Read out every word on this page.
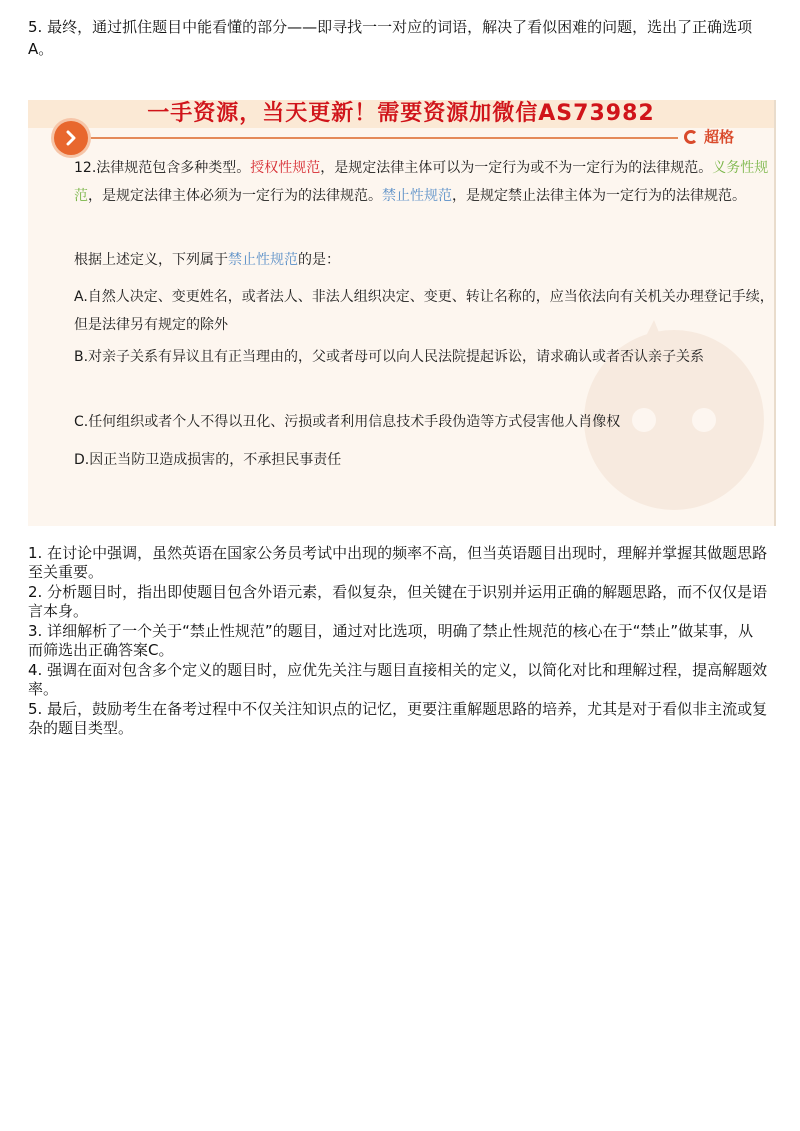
5. 最终，通过抓住题目中能看懂的部分——即寻找一一对应的词语，解决了看似困难的问题，选出了正确选项A。

一手资源，当天更新！需要资源加微信AS73982
超格

12.法律规范包含多种类型。授权性规范，是规定法律主体可以为一定行为或不为一定行为的法律规范。义务性规范，是规定法律主体必须为一定行为的法律规范。禁止性规范，是规定禁止法律主体为一定行为的法律规范。

根据上述定义，下列属于禁止性规范的是：

A.自然人决定、变更姓名，或者法人、非法人组织决定、变更、转让名称的，应当依法向有关机关办理登记手续，但是法律另有规定的除外

B.对亲子关系有异议且有正当理由的，父或者母可以向人民法院提起诉讼，请求确认或者否认亲子关系

C.任何组织或者个人不得以丑化、污损或者利用信息技术手段伪造等方式侵害他人肖像权

D.因正当防卫造成损害的，不承担民事责任

1. 在讨论中强调，虽然英语在国家公务员考试中出现的频率不高，但当英语题目出现时，理解并掌握其做题思路至关重要。
2. 分析题目时，指出即使题目包含外语元素，看似复杂，但关键在于识别并运用正确的解题思路，而不仅仅是语言本身。
3. 详细解析了一个关于“禁止性规范”的题目，通过对比选项，明确了禁止性规范的核心在于“禁止”做某事，从而筛选出正确答案C。
4. 强调在面对包含多个定义的题目时，应优先关注与题目直接相关的定义，以简化对比和理解过程，提高解题效率。
5. 最后，鼓励考生在备考过程中不仅关注知识点的记忆，更要注重解题思路的培养，尤其是对于看似非主流或复杂的题目类型。
